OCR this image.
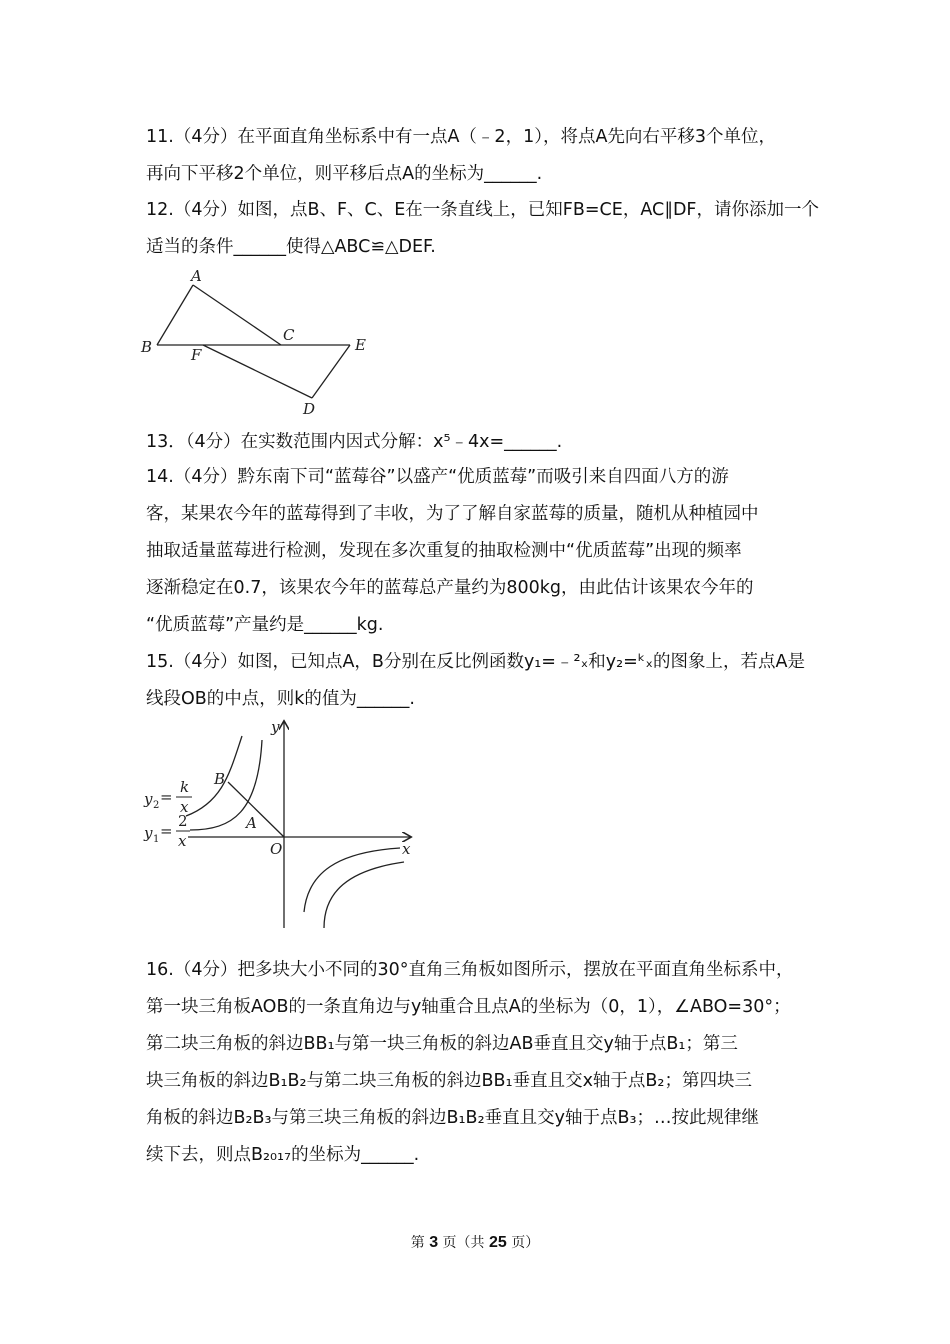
11.（4分）在平面直角坐标系中有一点A（﹣2，1），将点A先向右平移3个单位，
再向下平移2个单位，则平移后点A的坐标为______.
12.（4分）如图，点B、F、C、E在一条直线上，已知FB=CE，AC∥DF，请你添加一个
适当的条件______使得△ABC≌△DEF.
A
B	F
C
E
D
13．（4分）在实数范围内因式分解：x⁵﹣4x=______.
14.（4分）黔东南下司“蓝莓谷”以盛产“优质蓝莓”而吸引来自四面八方的游
客，某果农今年的蓝莓得到了丰收，为了了解自家蓝莓的质量，随机从种植园中
抽取适量蓝莓进行检测，发现在多次重复的抽取检测中“优质蓝莓”出现的频率
逐渐稳定在0.7，该果农今年的蓝莓总产量约为800kg，由此估计该果农今年的
“优质蓝莓”产量约是______kg.
15.（4分）如图，已知点A，B分别在反比例函数y₁=﹣²ₓ和y₂=ᵏₓ的图象上，若点A是
线段OB的中点，则k的值为______.
y
x
O
A
B
y 2 =
k
x
y 1 =
2
x
16.（4分）把多块大小不同的30°直角三角板如图所示，摆放在平面直角坐标系中，
第一块三角板AOB的一条直角边与y轴重合且点A的坐标为（0，1），∠ABO=30°；
第二块三角板的斜边BB₁与第一块三角板的斜边AB垂直且交y轴于点B₁；第三
块三角板的斜边B₁B₂与第二块三角板的斜边BB₁垂直且交x轴于点B₂；第四块三
角板的斜边B₂B₃与第三块三角板的斜边B₁B₂垂直且交y轴于点B₃；…按此规律继
续下去，则点B₂₀₁₇的坐标为______.
第 3 页（共 25 页）
